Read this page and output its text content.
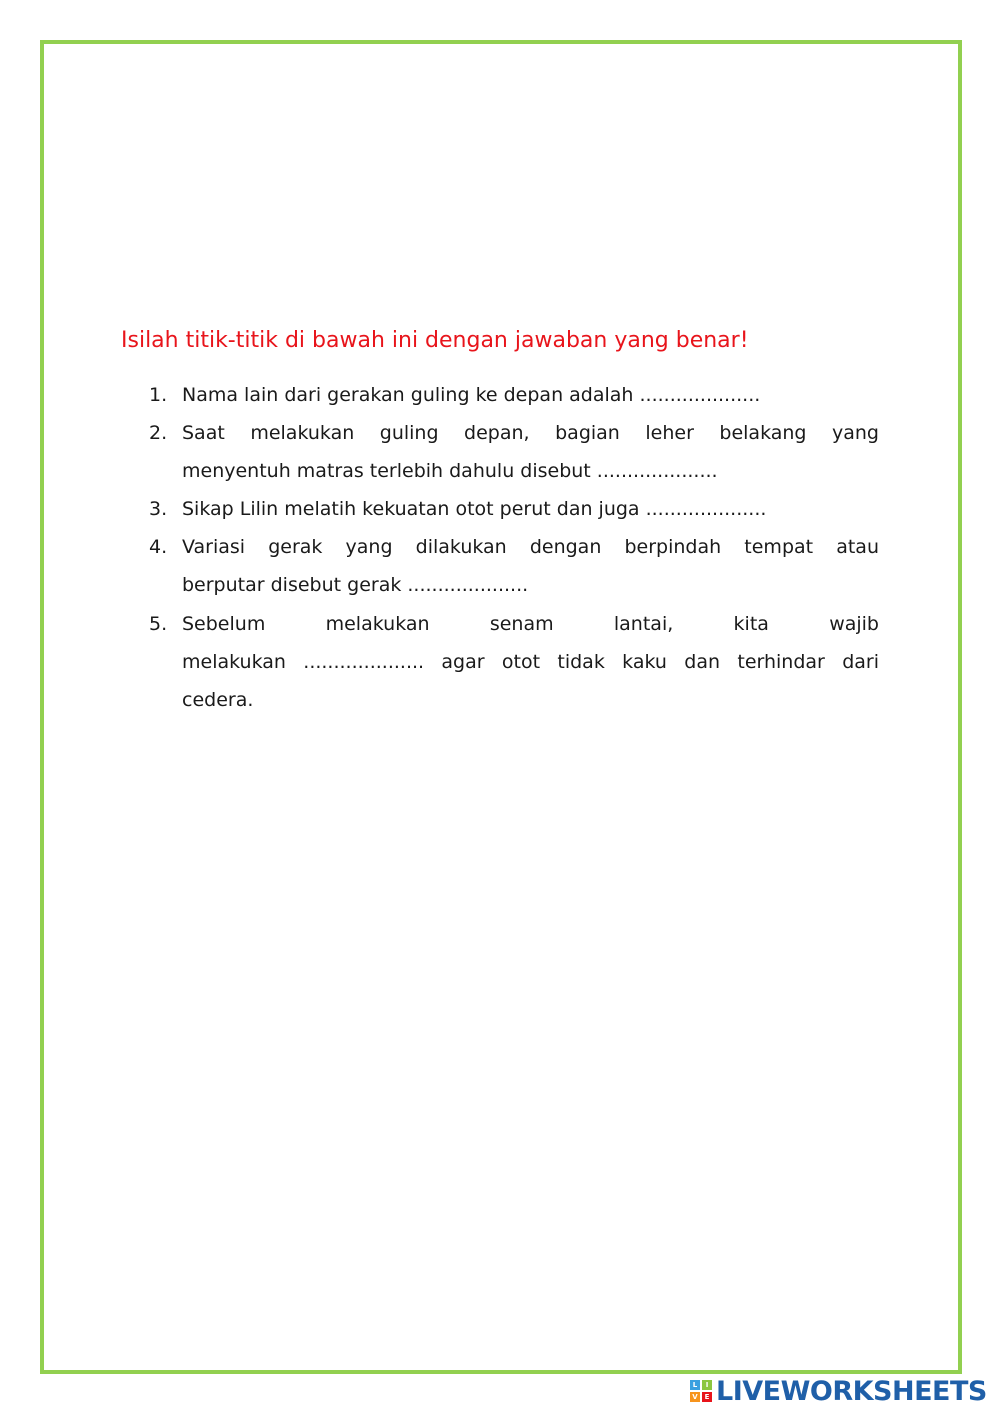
Isilah titik-titik di bawah ini dengan jawaban yang benar!
1. Nama lain dari gerakan guling ke depan adalah ....................
2. Saat melakukan guling depan, bagian leher belakang yang
menyentuh matras terlebih dahulu disebut ....................
3. Sikap Lilin melatih kekuatan otot perut dan juga ....................
4. Variasi gerak yang dilakukan dengan berpindah tempat atau
berputar disebut gerak ....................
5. Sebelum melakukan senam lantai, kita wajib
melakukan .................... agar otot tidak kaku dan terhindar dari
cedera.
L	I
V E LIVEWORKSHEETS
